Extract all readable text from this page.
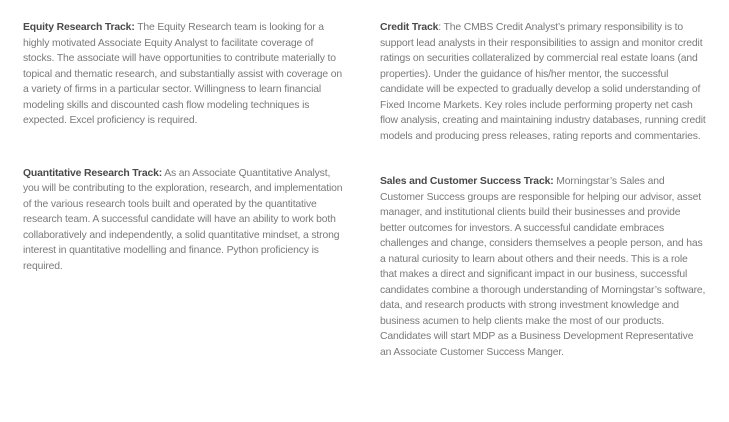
Equity Research Track: The Equity Research team is looking for a highly motivated Associate Equity Analyst to facilitate coverage of stocks. The associate will have opportunities to contribute materially to topical and thematic research, and substantially assist with coverage on a variety of firms in a particular sector. Willingness to learn financial modeling skills and discounted cash flow modeling techniques is expected. Excel proficiency is required.

Quantitative Research Track: As an Associate Quantitative Analyst, you will be contributing to the exploration, research, and implementation of the various research tools built and operated by the quantitative research team. A successful candidate will have an ability to work both collaboratively and independently, a solid quantitative mindset, a strong interest in quantitative modelling and finance. Python proficiency is required.

Credit Track: The CMBS Credit Analyst’s primary responsibility is to support lead analysts in their responsibilities to assign and monitor credit ratings on securities collateralized by commercial real estate loans (and properties). Under the guidance of his/her mentor, the successful candidate will be expected to gradually develop a solid understanding of Fixed Income Markets. Key roles include performing property net cash flow analysis, creating and maintaining industry databases, running credit models and producing press releases, rating reports and commentaries.

Sales and Customer Success Track: Morningstar’s Sales and Customer Success groups are responsible for helping our advisor, asset manager, and institutional clients build their businesses and provide better outcomes for investors. A successful candidate embraces challenges and change, considers themselves a people person, and has a natural curiosity to learn about others and their needs. This is a role that makes a direct and significant impact in our business, successful candidates combine a thorough understanding of Morningstar’s software, data, and research products with strong investment knowledge and business acumen to help clients make the most of our products. Candidates will start MDP as a Business Development Representative an Associate Customer Success Manger.
